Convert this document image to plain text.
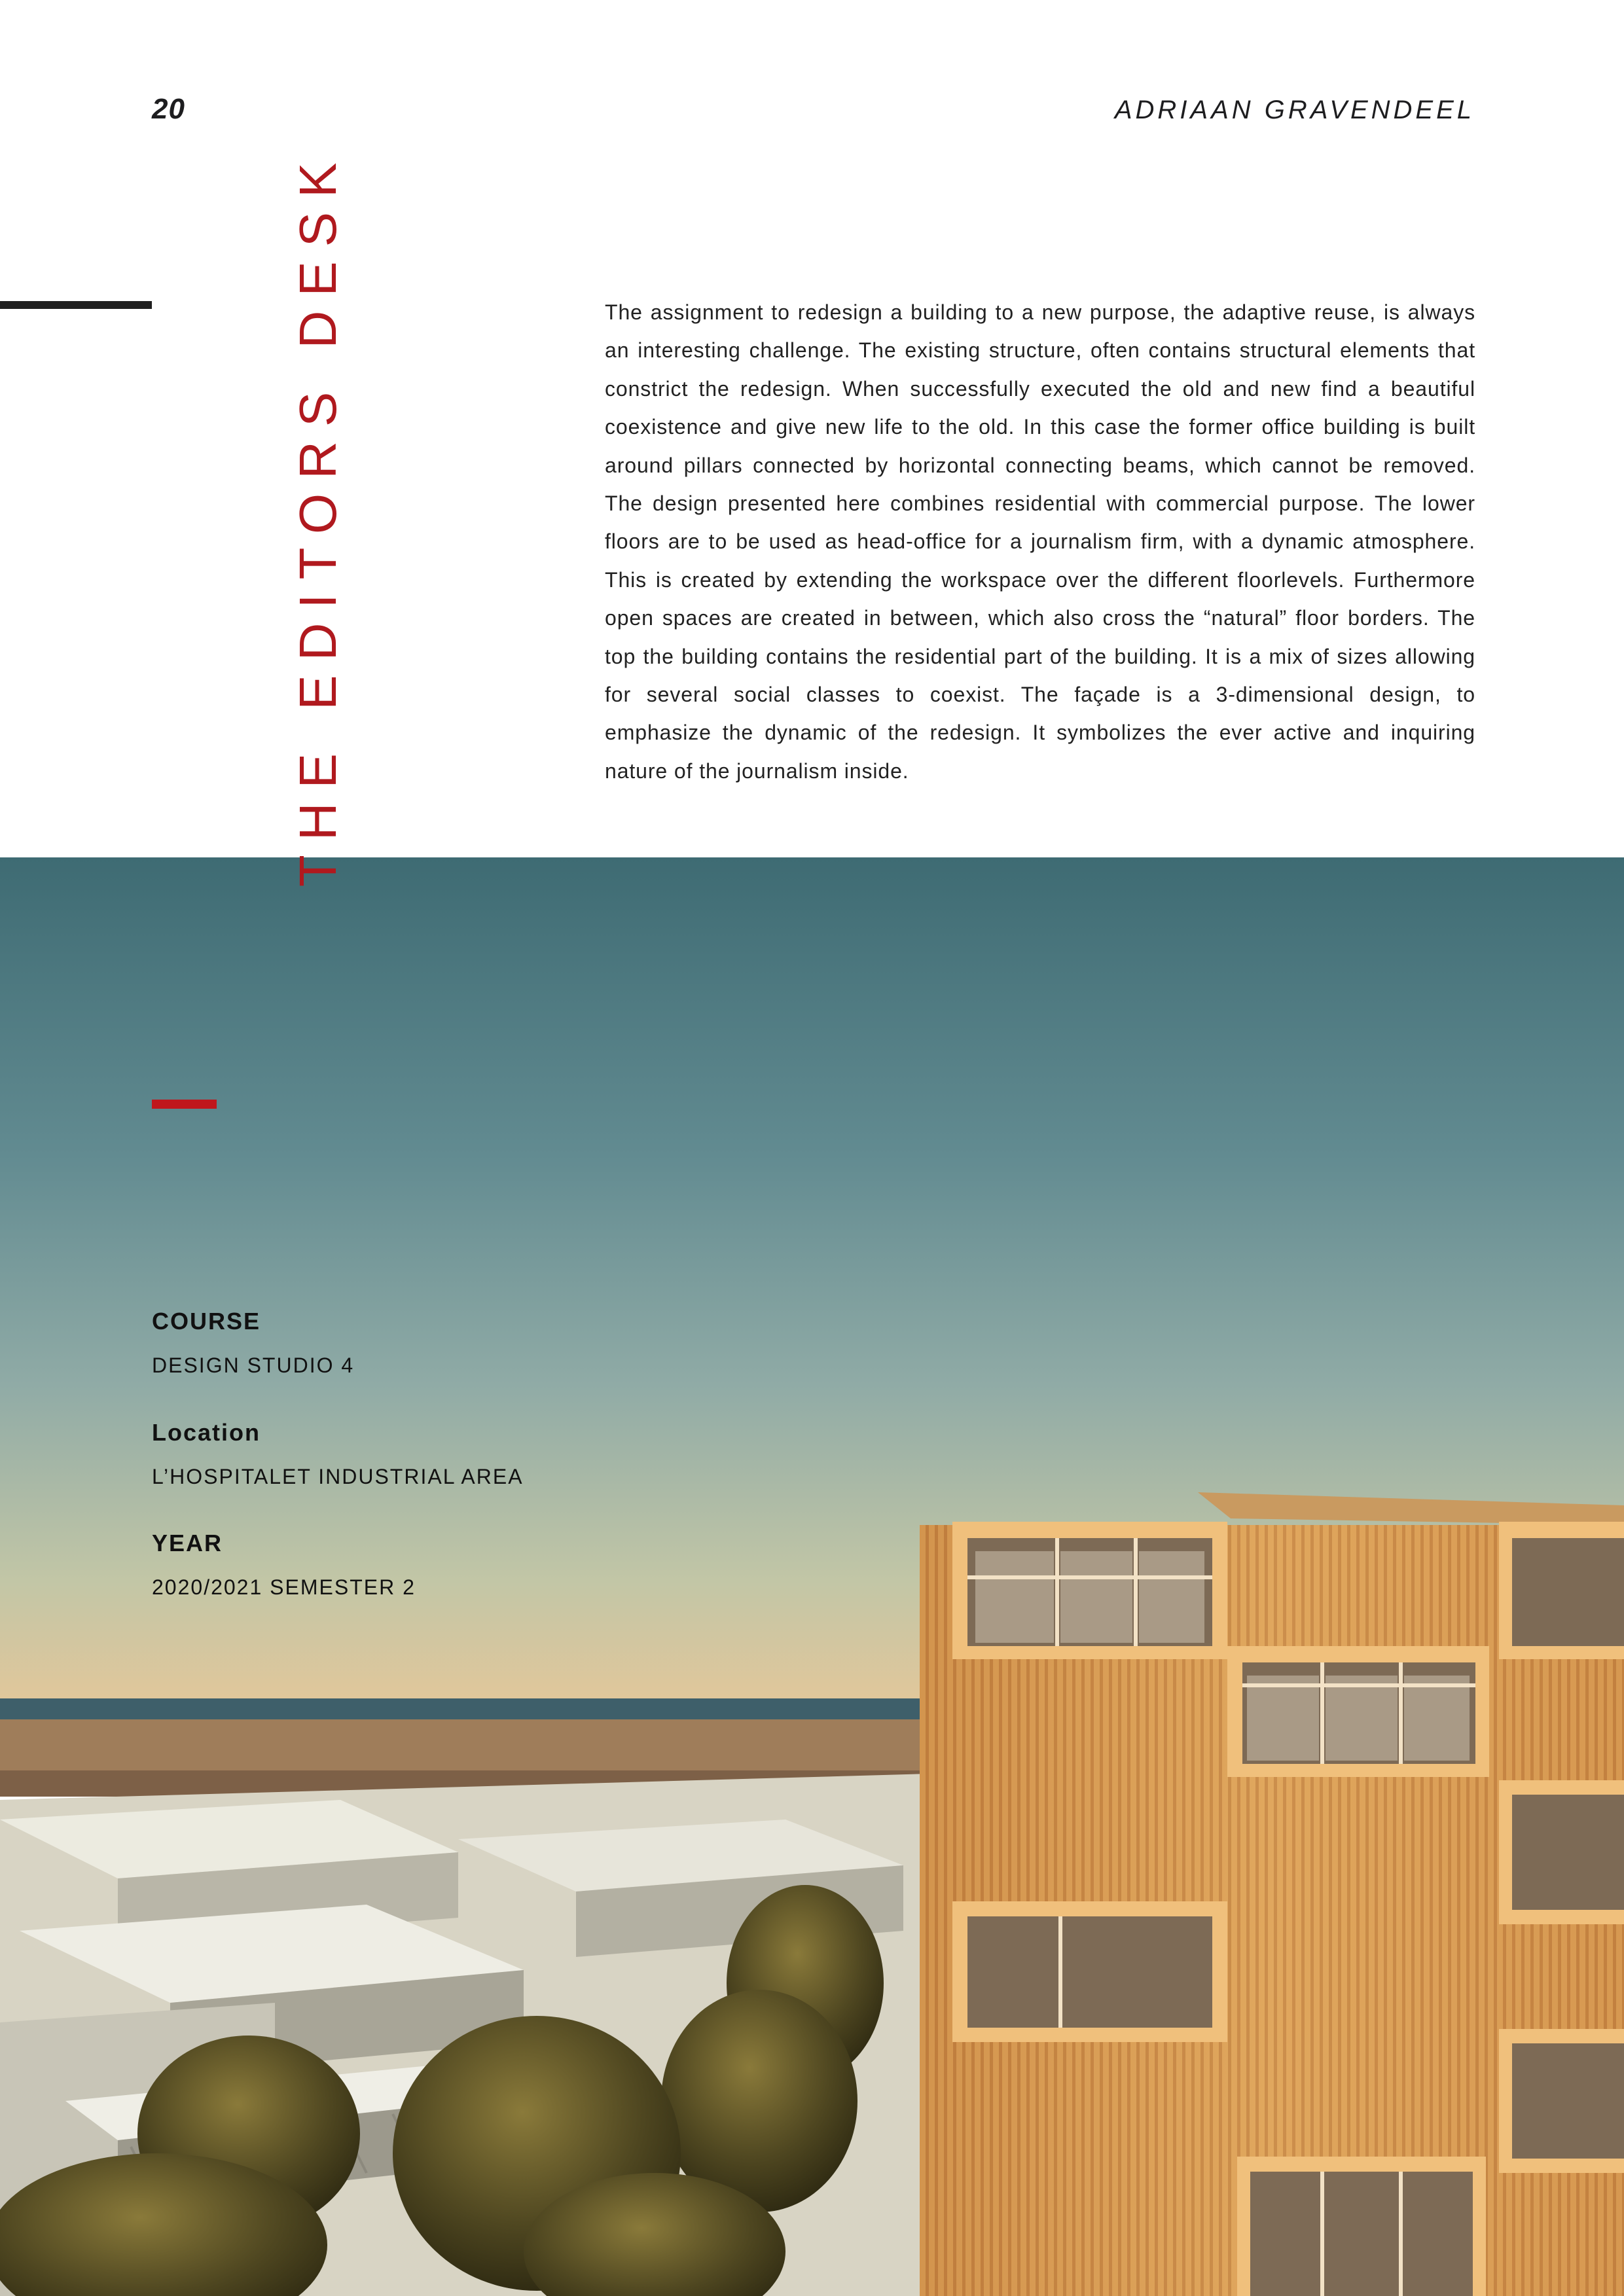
20	ADRIAAN GRAVENDEEL
THE EDITORS DESK	The assignment to redesign a building to a new purpose, the adaptive reuse, is always an interesting challenge. The existing structure, often contains structural elements that constrict the redesign. When successfully executed the old and new find a beautiful coexistence and give new life to the old. In this case the former office building is built around pillars connected by horizontal connecting beams, which cannot be removed. The design presented here combines residential with commercial purpose. The lower floors are to be used as head-office for a journalism firm, with a dynamic atmosphere. This is created by extending the workspace over the different floorlevels. Furthermore open spaces are created in between, which also cross the “natural” floor borders. The top the building contains the residential part of the building. It is a mix of sizes allowing for several social classes to coexist. The façade is a 3-dimensional design, to emphasize the dynamic of the redesign. It symbolizes the ever active and inquiring nature of the journalism inside.
COURSE
DESIGN STUDIO 4
Location
L’HOSPITALET INDUSTRIAL AREA
YEAR
2020/2021 SEMESTER 2
